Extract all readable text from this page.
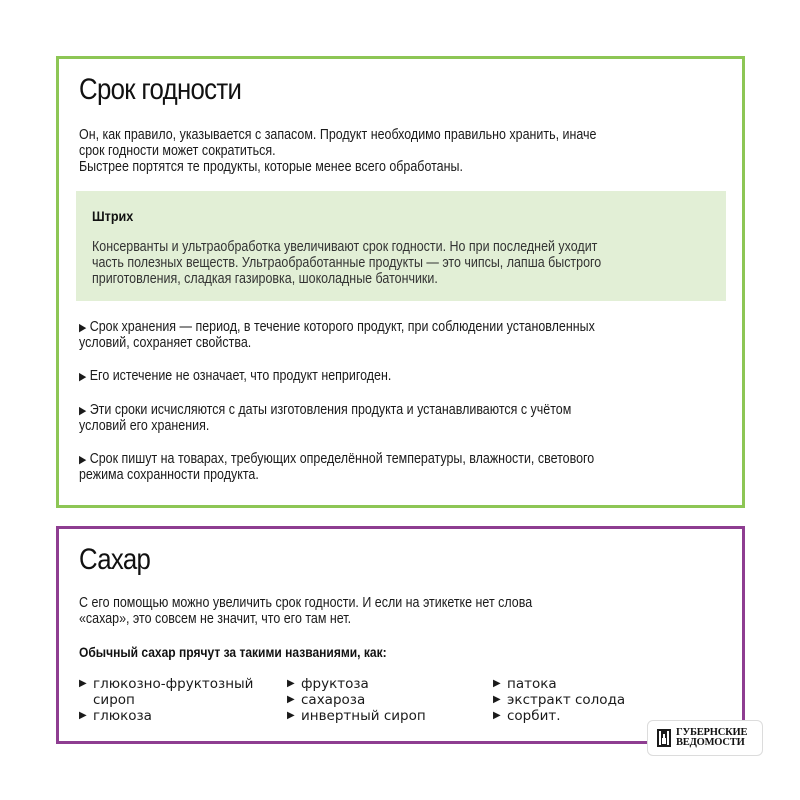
Срок годности

Он, как правило, указывается с запасом. Продукт необходимо правильно хранить, иначе

срок годности может сократиться.

Быстрее портятся те продукты, которые менее всего обработаны.

Штрих

Консерванты и ультраобработка увеличивают срок годности. Но при последней уходит

часть полезных веществ. Ультраобработанные продукты — это чипсы, лапша быстрого

приготовления, сладкая газировка, шоколадные батончики.

▶ Срок хранения — период, в течение которого продукт, при соблюдении установленных

условий, сохраняет свойства.

▶ Его истечение не означает, что продукт непригоден.

▶ Эти сроки исчисляются с даты изготовления продукта и устанавливаются с учётом

условий его хранения.

▶ Срок пишут на товарах, требующих определённой температуры, влажности, светового

режима сохранности продукта.

Сахар

С его помощью можно увеличить срок годности. И если на этикетке нет слова

«сахар», это совсем не значит, что его там нет.

Обычный сахар прячут за такими названиями, как:

▶ глюкозно-фруктозный сироп
▶ глюкоза
▶ фруктоза
▶ сахароза
▶ инвертный сироп
▶ патока
▶ экстракт солода
▶ сорбит.
ГУБЕРНСКИЕ
ВЕДОМОСТИ
